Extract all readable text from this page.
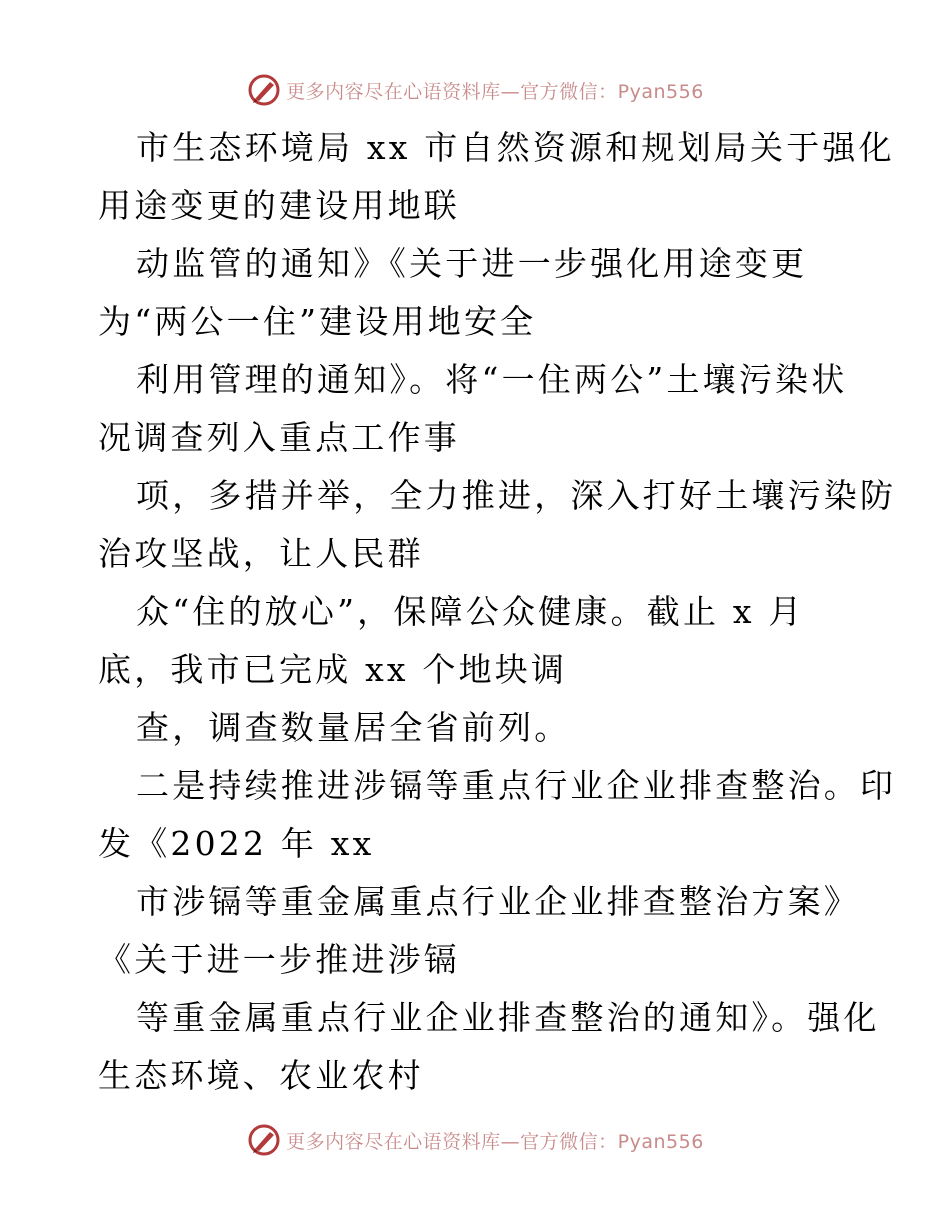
更多内容尽在心语资料库—官方微信：Pyan556
市生态环境局 xx 市自然资源和规划局关于强化
用途变更的建设用地联
动监管的通知》《关于进一步强化用途变更
为“两公一住”建设用地安全
利用管理的通知》。将“一住两公”土壤污染状
况调查列入重点工作事
项，多措并举，全力推进，深入打好土壤污染防
治攻坚战，让人民群
众“住的放心”，保障公众健康。截止 x 月
底，我市已完成 xx 个地块调
查，调查数量居全省前列。
二是持续推进涉镉等重点行业企业排查整治。印
发《2022 年 xx
市涉镉等重金属重点行业企业排查整治方案》
《关于进一步推进涉镉
等重金属重点行业企业排查整治的通知》。强化
生态环境、农业农村
更多内容尽在心语资料库—官方微信：Pyan556
